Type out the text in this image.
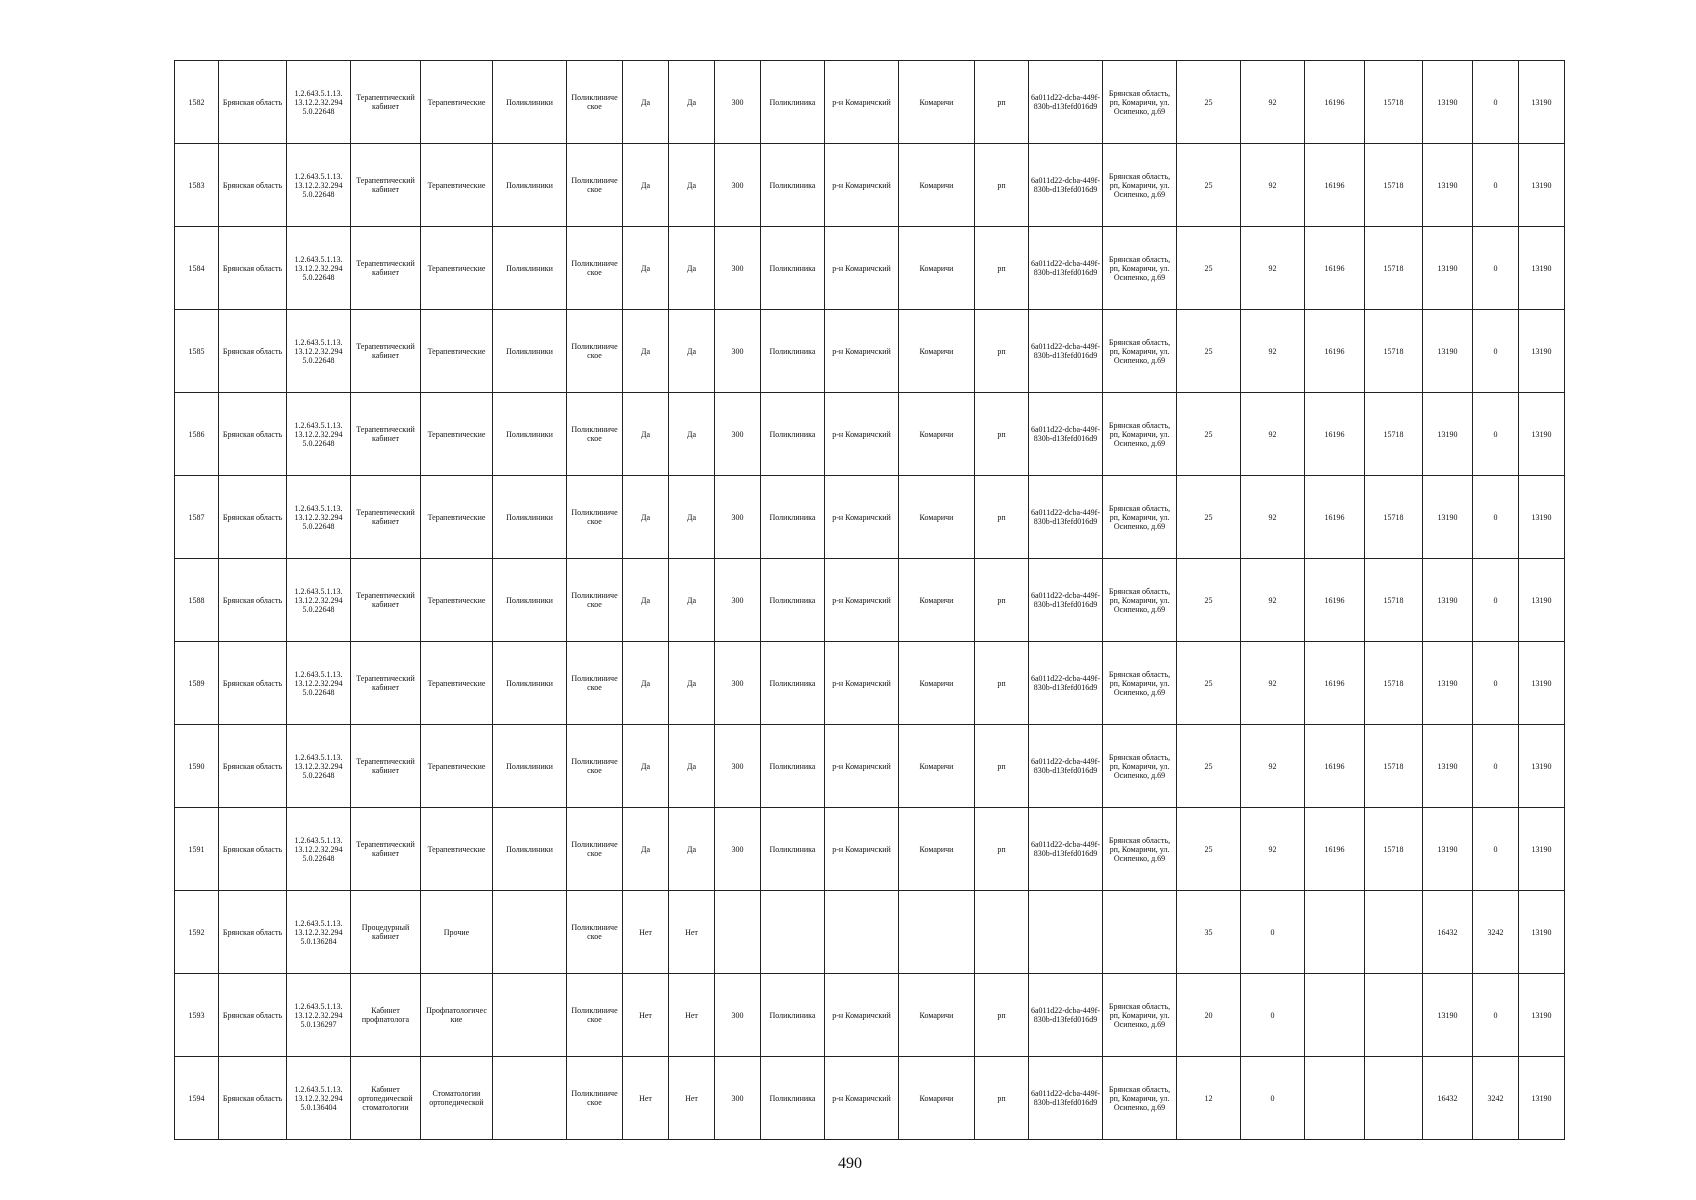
1582	Брянская область	1.2.643.5.1.13. 13.12.2.32.294 5.0.22648	Терапевтический кабинет	Терапевтические	Поликлиники	Поликлиниче ское	Да	Да	300	Поликлиника	р-н Комаричский	Комаричи	рп	6a011d22-dcba-449f-830b-d13fefd016d9	Брянская область, рп, Комаричи, ул. Осипенко, д.69	25	92	16196	15718	13190	0	13190
1583	Брянская область	1.2.643.5.1.13. 13.12.2.32.294 5.0.22648	Терапевтический кабинет	Терапевтические	Поликлиники	Поликлиниче ское	Да	Да	300	Поликлиника	р-н Комаричский	Комаричи	рп	6a011d22-dcba-449f-830b-d13fefd016d9	Брянская область, рп, Комаричи, ул. Осипенко, д.69	25	92	16196	15718	13190	0	13190
1584	Брянская область	1.2.643.5.1.13. 13.12.2.32.294 5.0.22648	Терапевтический кабинет	Терапевтические	Поликлиники	Поликлиниче ское	Да	Да	300	Поликлиника	р-н Комаричский	Комаричи	рп	6a011d22-dcba-449f-830b-d13fefd016d9	Брянская область, рп, Комаричи, ул. Осипенко, д.69	25	92	16196	15718	13190	0	13190
1585	Брянская область	1.2.643.5.1.13. 13.12.2.32.294 5.0.22648	Терапевтический кабинет	Терапевтические	Поликлиники	Поликлиниче ское	Да	Да	300	Поликлиника	р-н Комаричский	Комаричи	рп	6a011d22-dcba-449f-830b-d13fefd016d9	Брянская область, рп, Комаричи, ул. Осипенко, д.69	25	92	16196	15718	13190	0	13190
1586	Брянская область	1.2.643.5.1.13. 13.12.2.32.294 5.0.22648	Терапевтический кабинет	Терапевтические	Поликлиники	Поликлиниче ское	Да	Да	300	Поликлиника	р-н Комаричский	Комаричи	рп	6a011d22-dcba-449f-830b-d13fefd016d9	Брянская область, рп, Комаричи, ул. Осипенко, д.69	25	92	16196	15718	13190	0	13190
1587	Брянская область	1.2.643.5.1.13. 13.12.2.32.294 5.0.22648	Терапевтический кабинет	Терапевтические	Поликлиники	Поликлиниче ское	Да	Да	300	Поликлиника	р-н Комаричский	Комаричи	рп	6a011d22-dcba-449f-830b-d13fefd016d9	Брянская область, рп, Комаричи, ул. Осипенко, д.69	25	92	16196	15718	13190	0	13190
1588	Брянская область	1.2.643.5.1.13. 13.12.2.32.294 5.0.22648	Терапевтический кабинет	Терапевтические	Поликлиники	Поликлиниче ское	Да	Да	300	Поликлиника	р-н Комаричский	Комаричи	рп	6a011d22-dcba-449f-830b-d13fefd016d9	Брянская область, рп, Комаричи, ул. Осипенко, д.69	25	92	16196	15718	13190	0	13190
1589	Брянская область	1.2.643.5.1.13. 13.12.2.32.294 5.0.22648	Терапевтический кабинет	Терапевтические	Поликлиники	Поликлиниче ское	Да	Да	300	Поликлиника	р-н Комаричский	Комаричи	рп	6a011d22-dcba-449f-830b-d13fefd016d9	Брянская область, рп, Комаричи, ул. Осипенко, д.69	25	92	16196	15718	13190	0	13190
1590	Брянская область	1.2.643.5.1.13. 13.12.2.32.294 5.0.22648	Терапевтический кабинет	Терапевтические	Поликлиники	Поликлиниче ское	Да	Да	300	Поликлиника	р-н Комаричский	Комаричи	рп	6a011d22-dcba-449f-830b-d13fefd016d9	Брянская область, рп, Комаричи, ул. Осипенко, д.69	25	92	16196	15718	13190	0	13190
1591	Брянская область	1.2.643.5.1.13. 13.12.2.32.294 5.0.22648	Терапевтический кабинет	Терапевтические	Поликлиники	Поликлиниче ское	Да	Да	300	Поликлиника	р-н Комаричский	Комаричи	рп	6a011d22-dcba-449f-830b-d13fefd016d9	Брянская область, рп, Комаричи, ул. Осипенко, д.69	25	92	16196	15718	13190	0	13190
1592	Брянская область	1.2.643.5.1.13. 13.12.2.32.294 5.0.136284	Процедурный кабинет	Прочие		Поликлиниче ское	Нет	Нет								35	0			16432	3242	13190
1593	Брянская область	1.2.643.5.1.13. 13.12.2.32.294 5.0.136297	Кабинет профпатолога	Профпатологичес кие		Поликлиниче ское	Нет	Нет	300	Поликлиника	р-н Комаричский	Комаричи	рп	6a011d22-dcba-449f-830b-d13fefd016d9	Брянская область, рп, Комаричи, ул. Осипенко, д.69	20	0			13190	0	13190
1594	Брянская область	1.2.643.5.1.13. 13.12.2.32.294 5.0.136404	Кабинет ортопедической стоматологии	Стоматологии ортопедической		Поликлиниче ское	Нет	Нет	300	Поликлиника	р-н Комаричский	Комаричи	рп	6a011d22-dcba-449f-830b-d13fefd016d9	Брянская область, рп, Комаричи, ул. Осипенко, д.69	12	0			16432	3242	13190
490
